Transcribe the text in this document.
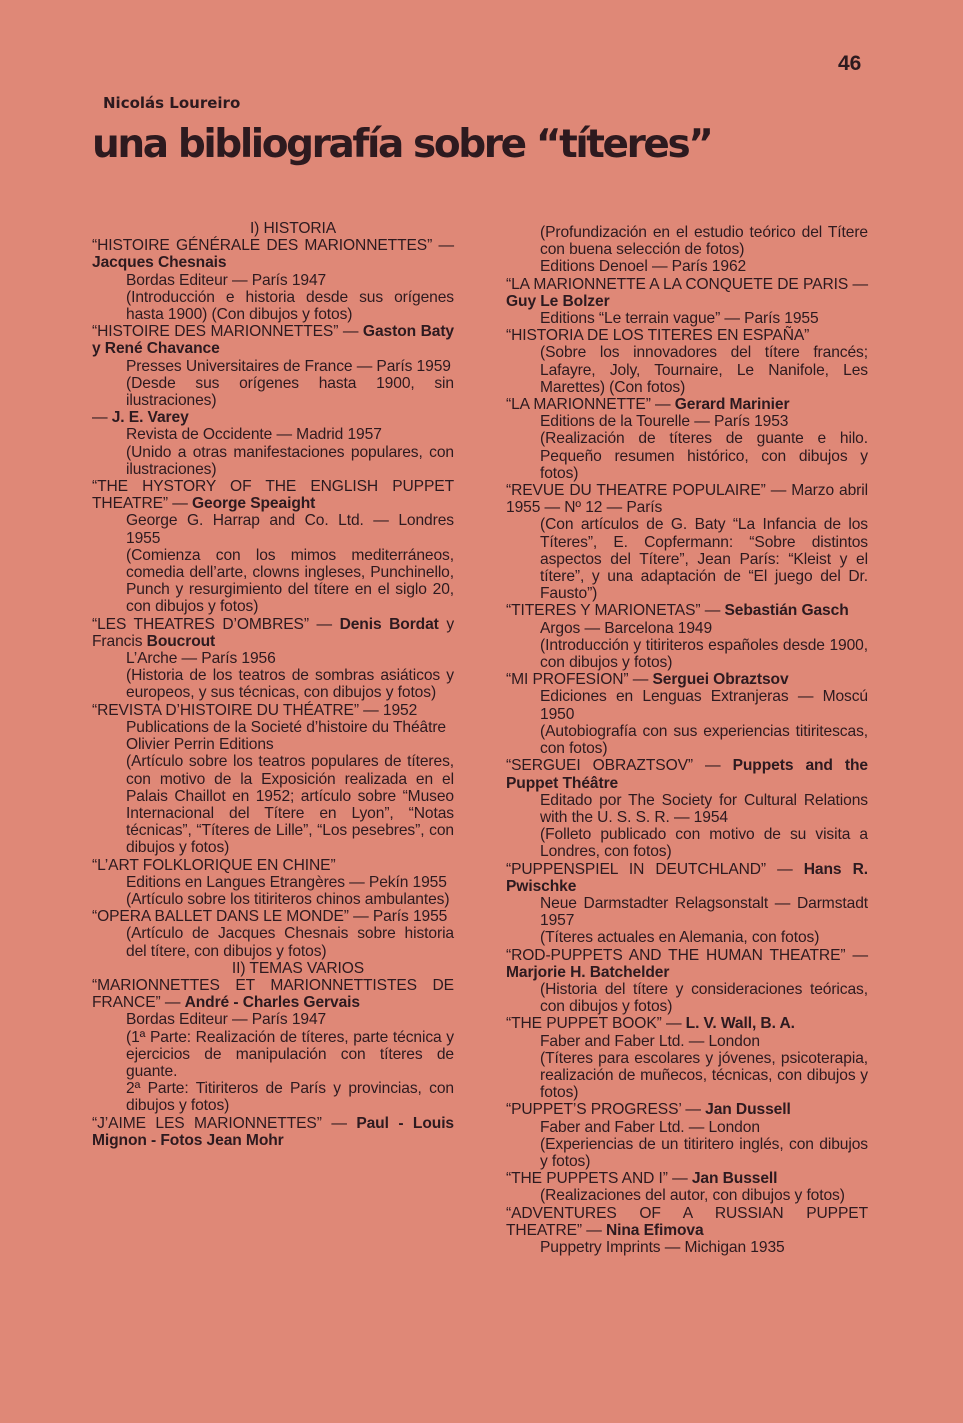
46
Nicolás Loureiro
una bibliografía sobre “títeres”

I) HISTORIA

“HISTOIRE GÉNÉRALE DES MARIONNETTES” — Jacques Chesnais

Bordas Editeur — París 1947

(Introducción e historia desde sus orígenes hasta 1900) (Con dibujos y fotos)

“HISTOIRE DES MARIONNETTES” — Gaston Baty y René Chavance

Presses Universitaires de France — París 1959

(Desde sus orígenes hasta 1900, sin ilustraciones)

— J. E. Varey

Revista de Occidente — Madrid 1957

(Unido a otras manifestaciones populares, con ilustraciones)

“THE HYSTORY OF THE ENGLISH PUPPET THEATRE” — George Speaight

George G. Harrap and Co. Ltd. — Londres 1955

(Comienza con los mimos mediterráneos, comedia dell’arte, clowns ingleses, Punchinello, Punch y resurgimiento del títere en el siglo 20, con dibujos y fotos)

“LES THEATRES D’OMBRES” — Denis Bordat y Francis Boucrout

L’Arche — París 1956

(Historia de los teatros de sombras asiáticos y europeos, y sus técnicas, con dibujos y fotos)

“REVISTA D’HISTOIRE DU THÉATRE” — 1952

Publications de la Societé d’histoire du Théâtre

Olivier Perrin Editions

(Artículo sobre los teatros populares de títeres, con motivo de la Exposición realizada en el Palais Chaillot en 1952; artículo sobre “Museo Internacional del Títere en Lyon”, “Notas técnicas”, “Títeres de Lille”, “Los pesebres”, con dibujos y fotos)

“L’ART FOLKLORIQUE EN CHINE”

Editions en Langues Etrangères — Pekín 1955

(Artículo sobre los titiriteros chinos ambulantes)

“OPERA BALLET DANS LE MONDE” — París 1955

(Artículo de Jacques Chesnais sobre historia del títere, con dibujos y fotos)

II) TEMAS VARIOS

“MARIONNETTES ET MARIONNETTISTES DE FRANCE” — André - Charles Gervais

Bordas Editeur — París 1947

(1ª Parte: Realización de títeres, parte técnica y ejercicios de manipulación con títeres de guante.

2ª Parte: Titiriteros de París y provincias, con dibujos y fotos)

“J’AIME LES MARIONNETTES” — Paul - Louis Mignon - Fotos Jean Mohr

(Profundización en el estudio teórico del Títere con buena selección de fotos)

Editions Denoel — París 1962

“LA MARIONNETTE A LA CONQUETE DE PARIS — Guy Le Bolzer

Editions “Le terrain vague” — París 1955

“HISTORIA DE LOS TITERES EN ESPAÑA”

(Sobre los innovadores del títere francés; Lafayre, Joly, Tournaire, Le Nanifole, Les Marettes) (Con fotos)

“LA MARIONNETTE” — Gerard Marinier

Editions de la Tourelle — París 1953

(Realización de títeres de guante e hilo. Pequeño resumen histórico, con dibujos y fotos)

“REVUE DU THEATRE POPULAIRE” — Marzo abril 1955 — Nº 12 — París

(Con artículos de G. Baty “La Infancia de los Títeres”, E. Copfermann: “Sobre distintos aspectos del Títere”, Jean París: “Kleist y el títere”, y una adaptación de “El juego del Dr. Fausto”)

“TITERES Y MARIONETAS” — Sebastián Gasch

Argos — Barcelona 1949

(Introducción y titiriteros españoles desde 1900, con dibujos y fotos)

“MI PROFESION” — Serguei Obraztsov

Ediciones en Lenguas Extranjeras — Moscú 1950

(Autobiografía con sus experiencias titiritescas, con fotos)

“SERGUEI OBRAZTSOV” — Puppets and the Puppet Théâtre

Editado por The Society for Cultural Relations with the U. S. S. R. — 1954

(Folleto publicado con motivo de su visita a Londres, con fotos)

“PUPPENSPIEL IN DEUTCHLAND” — Hans R. Pwischke

Neue Darmstadter Relagsonstalt — Darmstadt 1957

(Títeres actuales en Alemania, con fotos)

“ROD-PUPPETS AND THE HUMAN THEATRE” — Marjorie H. Batchelder

(Historia del títere y consideraciones teóricas, con dibujos y fotos)

“THE PUPPET BOOK” — L. V. Wall, B. A.

Faber and Faber Ltd. — London

(Títeres para escolares y jóvenes, psicoterapia, realización de muñecos, técnicas, con dibujos y fotos)

“PUPPET’S PROGRESS’ — Jan Dussell

Faber and Faber Ltd. — London

(Experiencias de un titiritero inglés, con dibujos y fotos)

“THE PUPPETS AND I” — Jan Bussell

(Realizaciones del autor, con dibujos y fotos)

“ADVENTURES OF A RUSSIAN PUPPET THEATRE” — Nina Efimova

Puppetry Imprints — Michigan 1935
